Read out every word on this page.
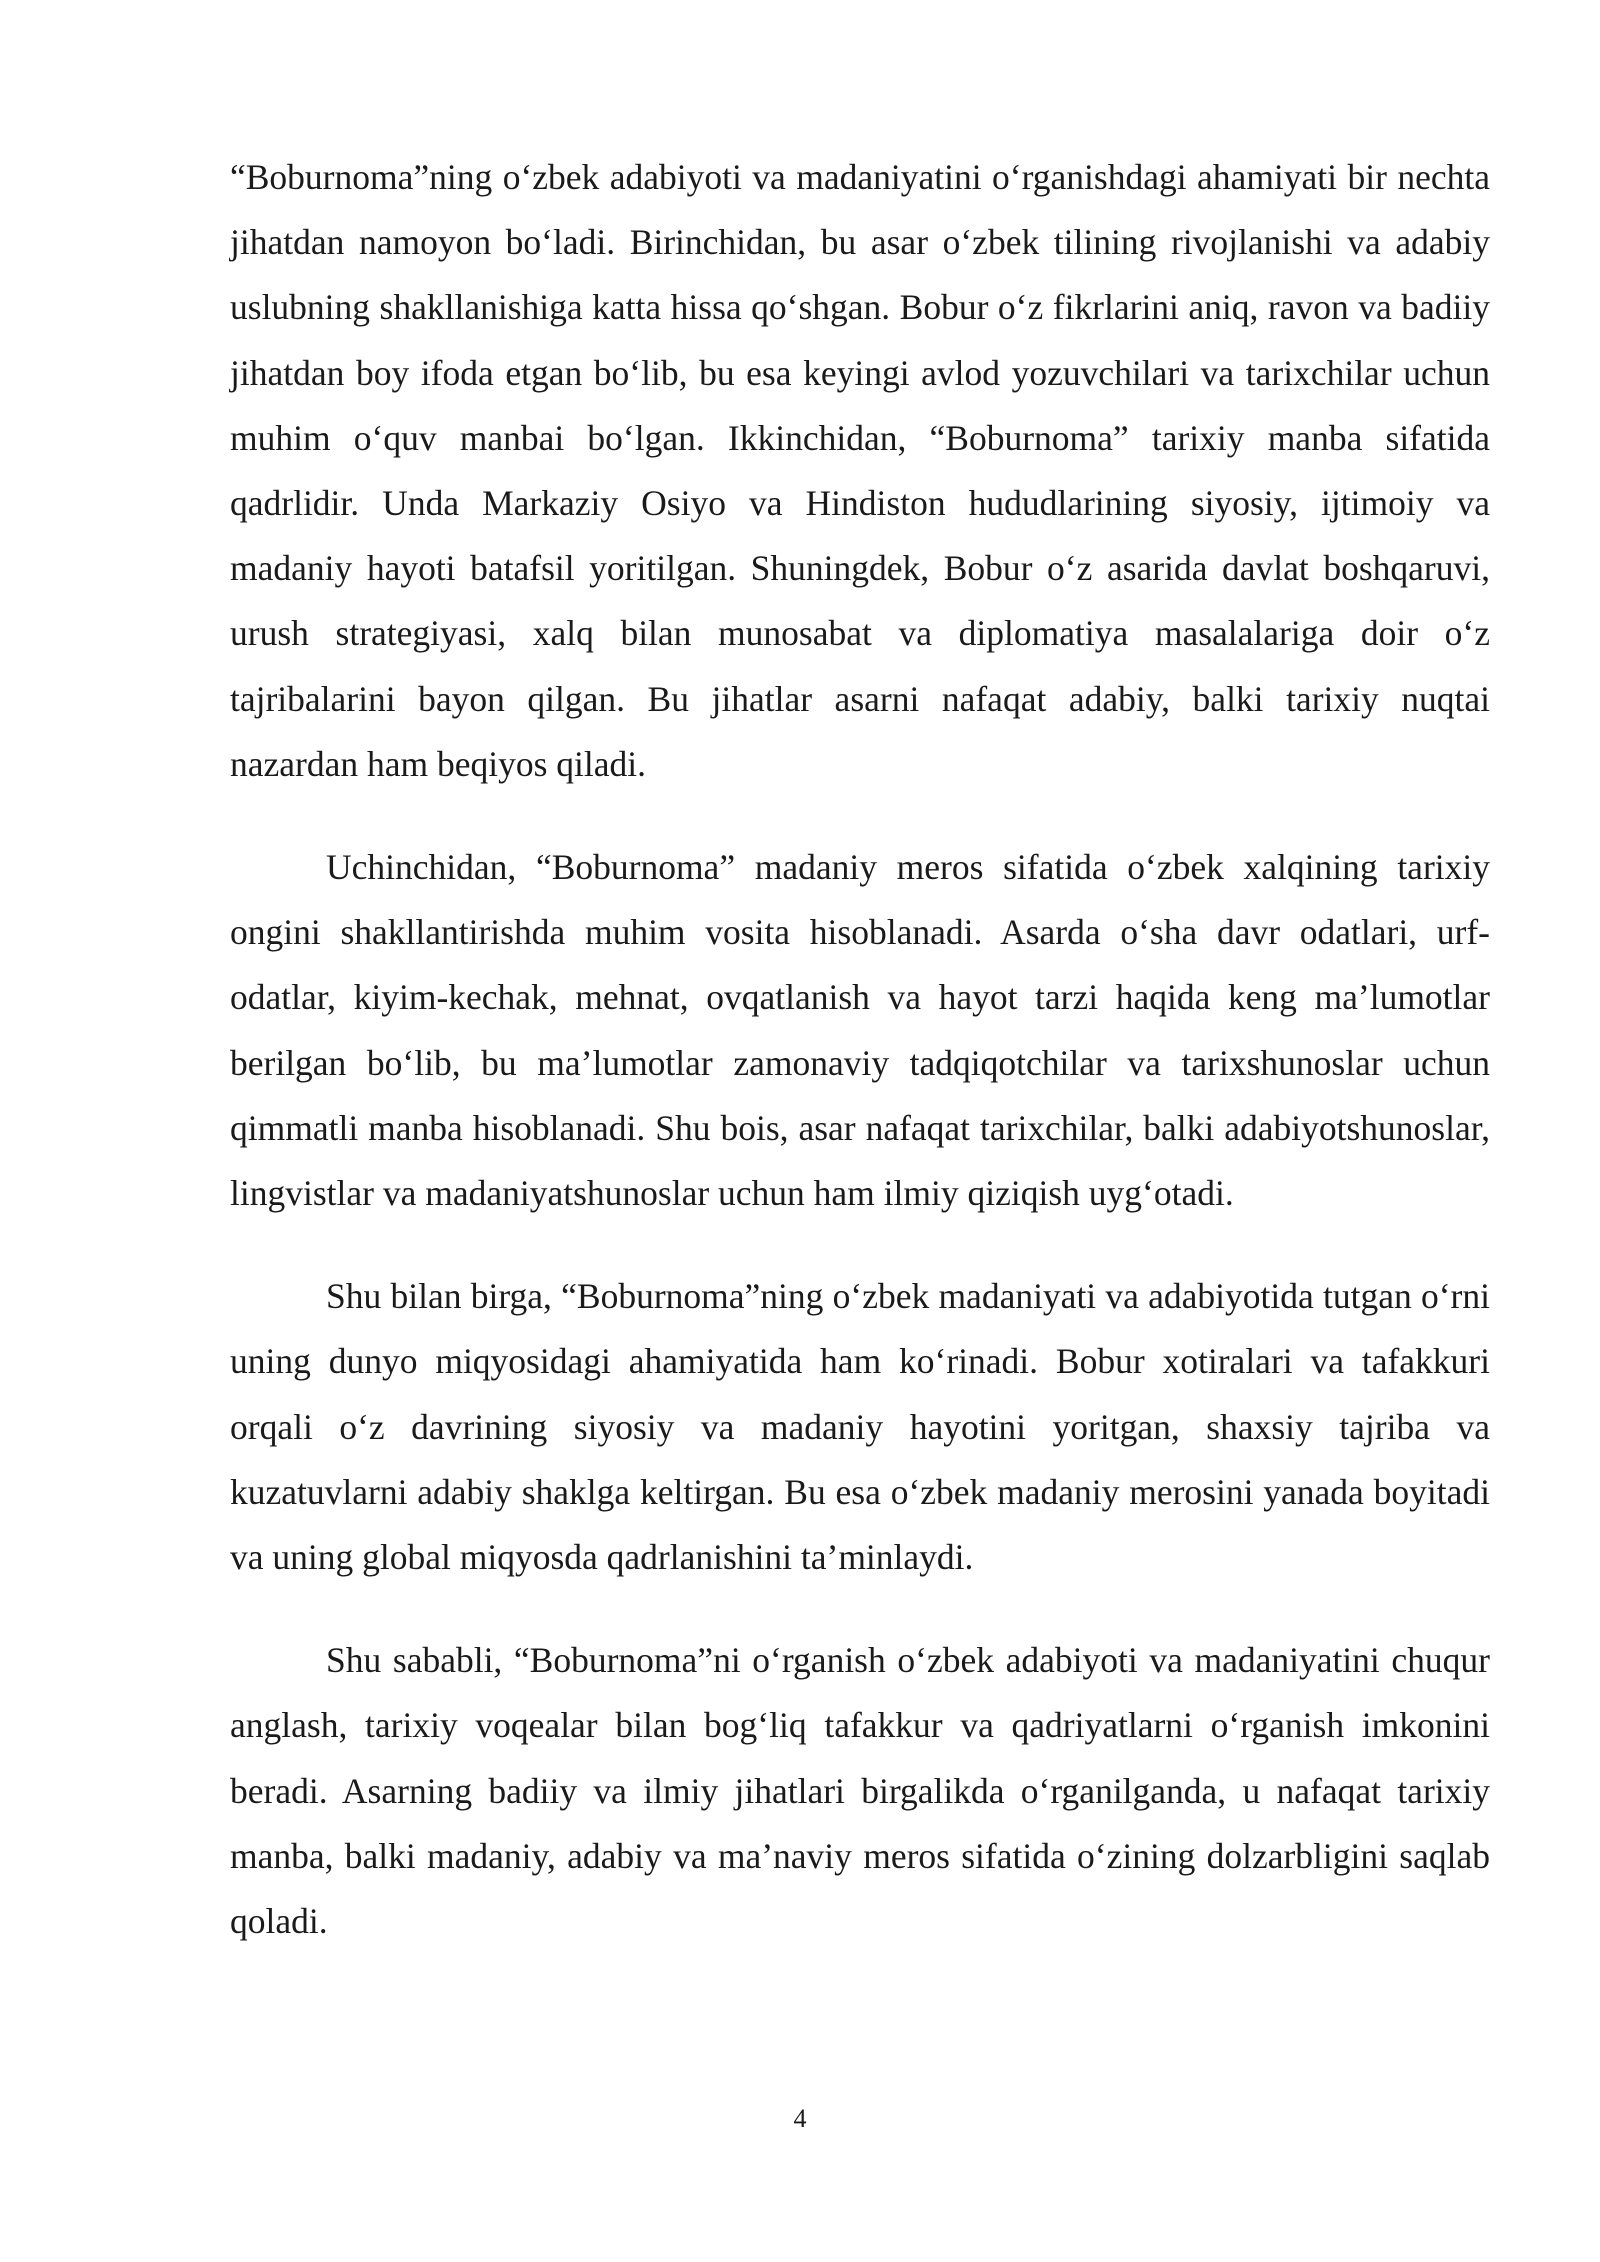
“Boburnoma”ning oʻzbek adabiyoti va madaniyatini oʻrganishdagi ahamiyati bir nechta jihatdan namoyon boʻladi. Birinchidan, bu asar oʻzbek tilining rivojlanishi va adabiy uslubning shakllanishiga katta hissa qoʻshgan. Bobur oʻz fikrlarini aniq, ravon va badiiy jihatdan boy ifoda etgan boʻlib, bu esa keyingi avlod yozuvchilari va tarixchilar uchun muhim oʻquv manbai boʻlgan. Ikkinchidan, “Boburnoma” tarixiy manba sifatida qadrlidir. Unda Markaziy Osiyo va Hindiston hududlarining siyosiy, ijtimoiy va madaniy hayoti batafsil yoritilgan. Shuningdek, Bobur oʻz asarida davlat boshqaruvi, urush strategiyasi, xalq bilan munosabat va diplomatiya masalalariga doir oʻz tajribalarini bayon qilgan. Bu jihatlar asarni nafaqat adabiy, balki tarixiy nuqtai nazardan ham beqiyos qiladi.

Uchinchidan, “Boburnoma” madaniy meros sifatida oʻzbek xalqining tarixiy ongini shakllantirishda muhim vosita hisoblanadi. Asarda oʻsha davr odatlari, urf-odatlar, kiyim-kechak, mehnat, ovqatlanish va hayot tarzi haqida keng ma’lumotlar berilgan boʻlib, bu ma’lumotlar zamonaviy tadqiqotchilar va tarixshunoslar uchun qimmatli manba hisoblanadi. Shu bois, asar nafaqat tarixchilar, balki adabiyotshunoslar, lingvistlar va madaniyatshunoslar uchun ham ilmiy qiziqish uygʻotadi.

Shu bilan birga, “Boburnoma”ning oʻzbek madaniyati va adabiyotida tutgan oʻrni uning dunyo miqyosidagi ahamiyatida ham koʻrinadi. Bobur xotiralari va tafakkuri orqali oʻz davrining siyosiy va madaniy hayotini yoritgan, shaxsiy tajriba va kuzatuvlarni adabiy shaklga keltirgan. Bu esa oʻzbek madaniy merosini yanada boyitadi va uning global miqyosda qadrlanishini ta’minlaydi.

Shu sababli, “Boburnoma”ni oʻrganish oʻzbek adabiyoti va madaniyatini chuqur anglash, tarixiy voqealar bilan bogʻliq tafakkur va qadriyatlarni oʻrganish imkonini beradi. Asarning badiiy va ilmiy jihatlari birgalikda oʻrganilganda, u nafaqat tarixiy manba, balki madaniy, adabiy va ma’naviy meros sifatida oʻzining dolzarbligini saqlab qoladi.

4
